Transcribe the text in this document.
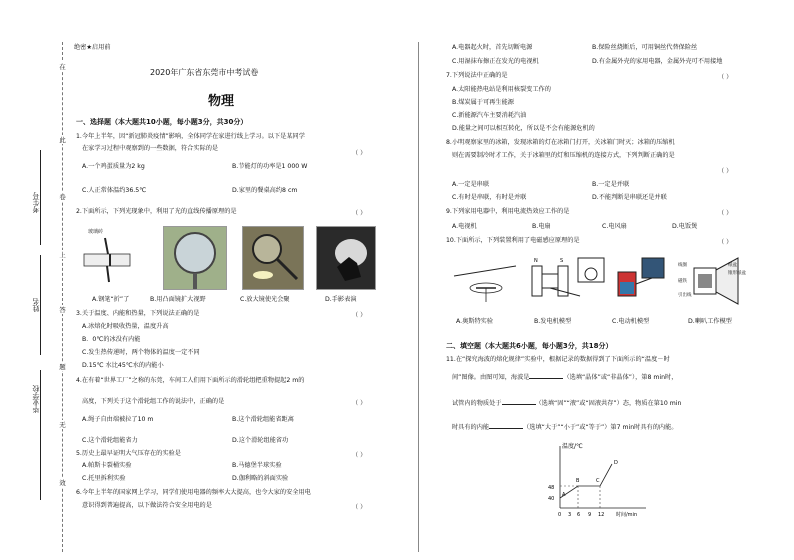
在
此
卷
上
答
题
无
效
毕业学校
姓名
考生号
绝密★启用前
2020年广东省东莞市中考试卷
物理
一、选择题（本大题共10小题，每小题3分，共30分）
1.今年上半年，因“新冠肺炎疫情”影响，全体同学在家进行线上学习。以下是某同学
在家学习过程中观察到的一些数据，符合实际的是
（ ）
A.一个鸡蛋质量为2 kg	B.节能灯的功率是1 000 W
C.人正常体温约36.5℃	D.家里的餐桌高约8 cm
2.下面所示，下列光现象中，利用了光的直线传播原理的是	（ ）
玻璃砖
A.钢笔“折”了	B.用凸面镜扩大视野	C.放大镜使光会聚	D.手影表演
3.关于温度、内能和热量，下列说法正确的是	（ ）
A.冰熔化时吸收热量，温度升高
B．0℃的冰没有内能
C.发生热传递时，两个物体的温度一定不同
D.15℃ 水比45℃水的内能小
4.在有着“世界工厂”之称的东莞，车间工人们用下面所示的滑轮组把重物提起2 m的
高度，下列关于这个滑轮组工作的说法中，正确的是	（ ）
A.绳子自由端被拉了10 m	B.这个滑轮组能省距离
C.这个滑轮组能省力	D.这个滑轮组能省功
5.历史上最早证明大气压存在的实验是	（ ）
A.帕斯卡裂桶实验	B.马德堡半球实验
C.托里拆利实验	D.伽利略的斜面实验
6.今年上半年的国家网上学习，同学们使用电器的频率大大提高，也令大家的安全用电
意识得到普遍提高，以下做法符合安全用电的是	（ ）
A.电器起火时，首先切断电源	B.保险丝烧断后，可用铜丝代替保险丝
C.用湿抹布擦正在发光的电视机	D.有金属外壳的家用电器，金属外壳可不用接地
7.下列说法中正确的是	（ ）
A.太阳能热电站是利用核裂变工作的
B.煤炭属于可再生能源
C.新能源汽车主要消耗汽油
D.能量之间可以相互转化，所以是不会有能源危机的
8.小明观察家里的冰箱，发现冰箱的灯在冰箱门打开，关冰箱门时灭；冰箱的压缩机
则在需要制冷时才工作，关于冰箱里的灯和压缩机的连接方式，下列判断正确的是
（ ）
A.一定是串联	B.一定是并联
C.有时是串联，有时是并联	D.不能判断是串联还是并联
9.下列家用电器中，利用电流热效应工作的是	（ ）
A.电视机	B.电扇	C.电风扇	D.电饭煲
10.下面所示，下列装置利用了电磁感应原理的是	（ ）
N	S
线圈
磁铁
引出线
纸盆
锥形纸盆
A.奥斯特实验	B.发电机模型	C.电动机模型	D.喇叭工作模型
二、填空题（本大题共6小题，每小题3分，共18分）
11.在“探究海波的熔化规律”实验中，根据记录的数据得到了下面所示的“温度－时
间”图像。由图可知，海波是	（选填“晶体”或“非晶体”），第8 min时，
试管内的物质处于	（选填“固”“液”或“固液共存”）态，物质在第10 min
时具有的内能	（选填“大于”“小于”或“等于”）第7 min时具有的内能。
温度/℃
时间/min
48
40
0 3 6 9 12
A
B	C
D
